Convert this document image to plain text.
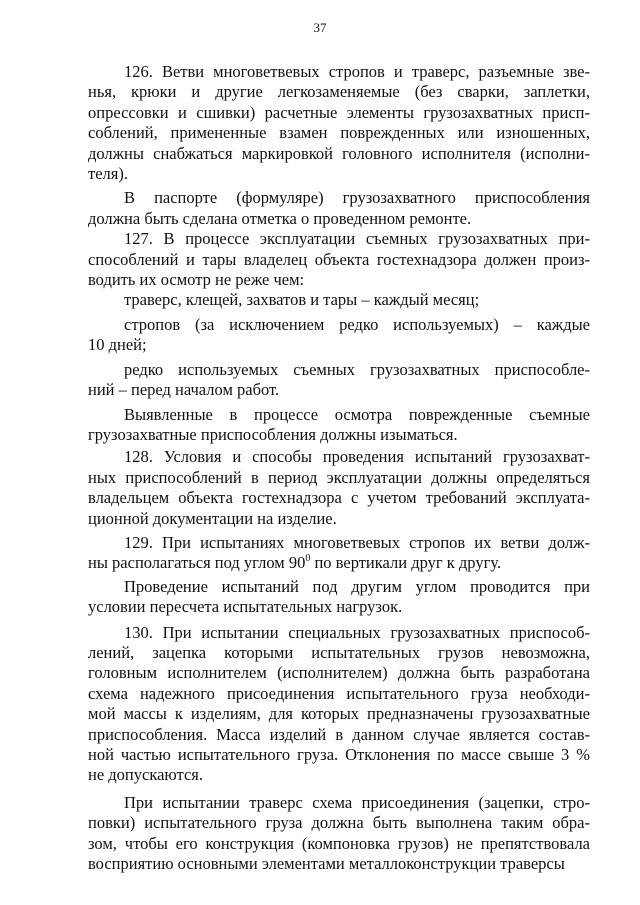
37

126. Ветви многоветвевых стропов и траверс, разъемные зве-
нья, крюки и другие легкозаменяемые (без сварки, заплетки,
опрессовки и сшивки) расчетные элементы грузозахватных присп-
соблений, примененные взамен поврежденных или изношенных,
должны снабжаться маркировкой головного исполнителя (исполни-
теля).

В паспорте (формуляре) грузозахватного приспособления
должна быть сделана отметка о проведенном ремонте.

127. В процессе эксплуатации съемных грузозахватных при-
способлений и тары владелец объекта гостехнадзора должен произ-
водить их осмотр не реже чем:

траверс, клещей, захватов и тары – каждый месяц;

стропов (за исключением редко используемых) – каждые
10 дней;

редко используемых съемных грузозахватных приспособле-
ний – перед началом работ.

Выявленные в процессе осмотра поврежденные съемные
грузозахватные приспособления должны изыматься.

128. Условия и способы проведения испытаний грузозахват-
ных приспособлений в период эксплуатации должны определяться
владельцем объекта гостехнадзора с учетом требований эксплуата-
ционной документации на изделие.

129. При испытаниях многоветвевых стропов их ветви долж-
ны располагаться под углом $90^0$ по вертикали друг к другу.

Проведение испытаний под другим углом проводится при
условии пересчета испытательных нагрузок.

130. При испытании специальных грузозахватных приспособ-
лений, зацепка которыми испытательных грузов невозможна,
головным исполнителем (исполнителем) должна быть разработана
схема надежного присоединения испытательного груза необходи-
мой массы к изделиям, для которых предназначены грузозахватные
приспособления. Масса изделий в данном случае является состав-
ной частью испытательного груза. Отклонения по массе свыше 3 %
не допускаются.

При испытании траверс схема присоединения (зацепки, стро-
повки) испытательного груза должна быть выполнена таким обра-
зом, чтобы его конструкция (компоновка грузов) не препятствовала
восприятию основными элементами металлоконструкции траверсы
